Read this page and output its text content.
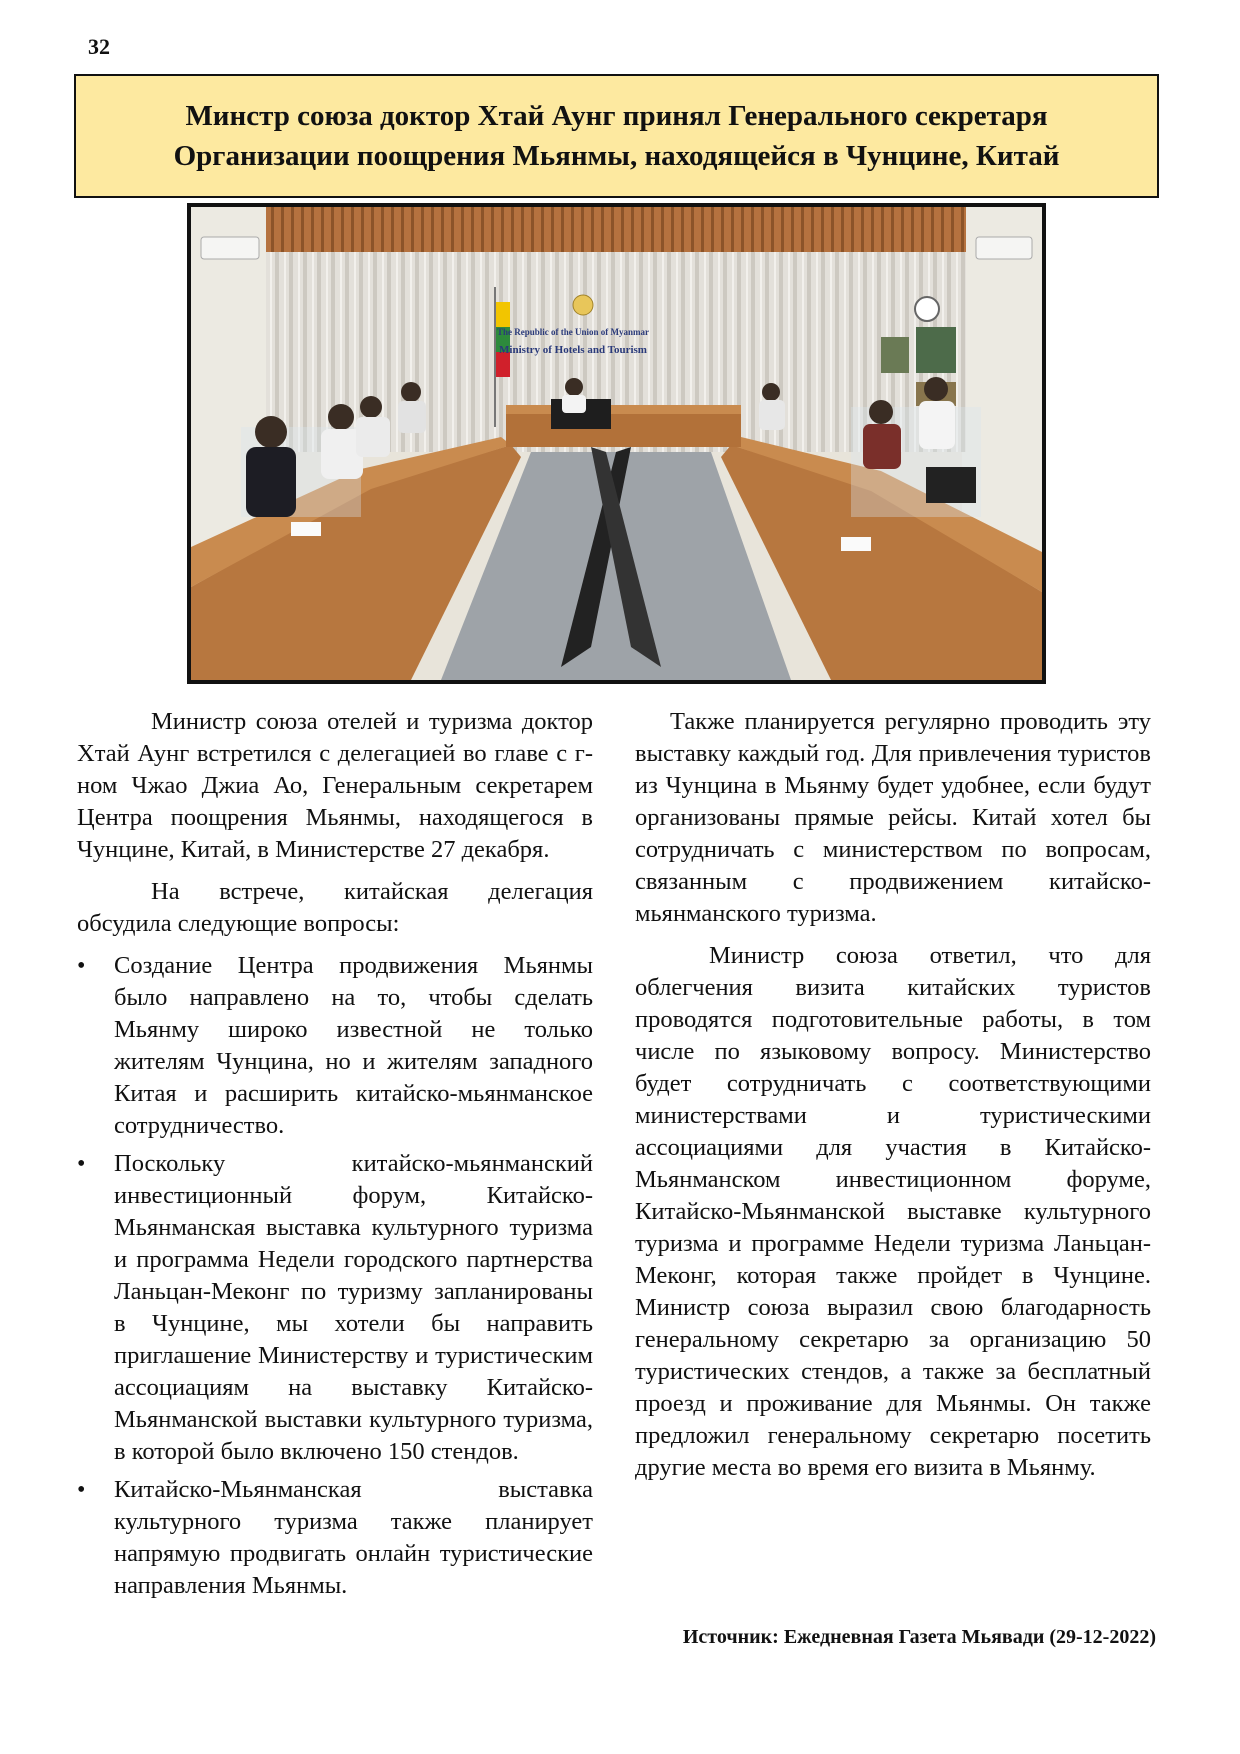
32
Минстр союза доктор Хтай Аунг принял Генерального секретаря
Организации поощрения Мьянмы, находящейся в Чунцине, Китай
The Republic of the Union of Myanmar
Ministry of Hotels and Tourism

Министр союза отелей и туризма доктор Хтай Аунг встретился с делегацией во главе с г-ном Чжао Джиа Ао, Генеральным секретарем Центра поощрения Мьянмы, находящегося в Чунцине, Китай, в Министерстве 27 декабря.

На встрече, китайская делегация обсудила следующие вопросы:

• Создание Центра продвижения Мьянмы было направлено на то, чтобы сделать Мьянму широко известной не только жителям Чунцина, но и жителям западного Китая и расширить китайско-мьянманское сотрудничество.
• Поскольку китайско-мьянманский инвестиционный форум, Китайско-Мьянманская выставка культурного туризма и программа Недели городского партнерства Ланьцан-Меконг по туризму запланированы в Чунцине, мы хотели бы направить приглашение Министерству и туристическим ассоциациям на выставку Китайско-Мьянманской выставки культурного туризма, в которой было включено 150 стендов.
• Китайско-Мьянманская выставка культурного туризма также планирует напрямую продвигать онлайн туристические направления Мьянмы.

Также планируется регулярно проводить эту выставку каждый год. Для привлечения туристов из Чунцина в Мьянму будет удобнее, если будут организованы прямые рейсы. Китай хотел бы сотрудничать с министерством по вопросам, связанным с продвижением китайско-мьянманского туризма.

Министр союза ответил, что для облегчения визита китайских туристов проводятся подготовительные работы, в том числе по языковому вопросу. Министерство будет сотрудничать с соответствующими министерствами и туристическими ассоциациями для участия в Китайско-Мьянманском инвестиционном форуме, Китайско-Мьянманской выставке культурного туризма и программе Недели туризма Ланьцан-Меконг, которая также пройдет в Чунцине. Министр союза выразил свою благодарность генеральному секретарю за организацию 50 туристических стендов, а также за бесплатный проезд и проживание для Мьянмы. Он также предложил генеральному секретарю посетить другие места во время его визита в Мьянму.

Источник: Ежедневная Газета Мьявади (29-12-2022)
